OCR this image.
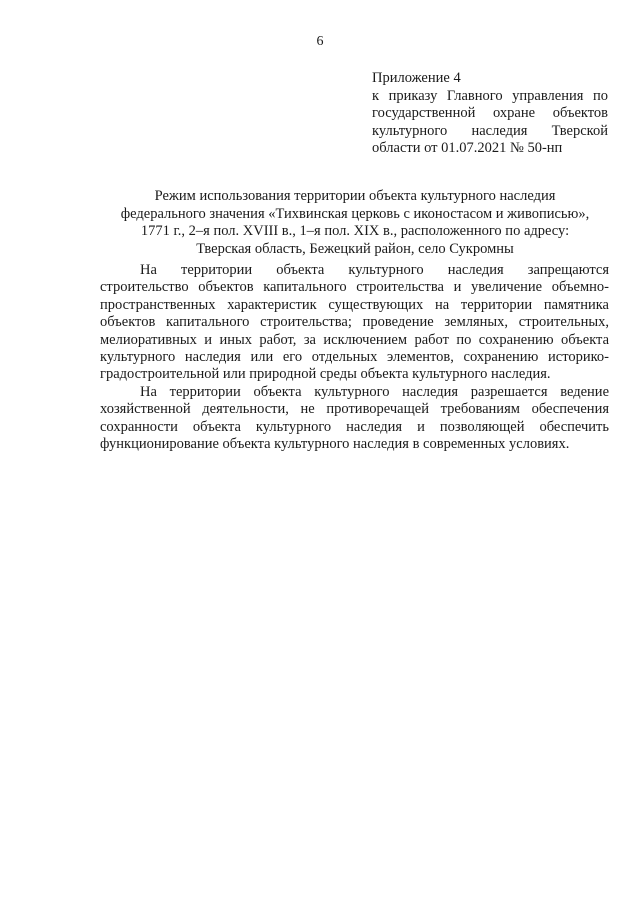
6
Приложение 4
к приказу Главного управления по
государственной охране объектов
культурного наследия Тверской
области от 01.07.2021 № 50-нп
Режим использования территории объекта культурного наследия
федерального значения «Тихвинская церковь с иконостасом и живописью»,
1771 г., 2–я пол. XVIII в., 1–я пол. XIX в., расположенного по адресу:
Тверская область, Бежецкий район, село Сукромны
На территории объекта культурного наследия запрещаются
строительство объектов капитального строительства и увеличение объемно-
пространственных характеристик существующих на территории памятника
объектов капитального строительства; проведение земляных, строительных,
мелиоративных и иных работ, за исключением работ по сохранению объекта
культурного наследия или его отдельных элементов, сохранению историко-
градостроительной или природной среды объекта культурного наследия.
На территории объекта культурного наследия разрешается ведение
хозяйственной деятельности, не противоречащей требованиям обеспечения
сохранности объекта культурного наследия и позволяющей обеспечить
функционирование объекта культурного наследия в современных условиях.
